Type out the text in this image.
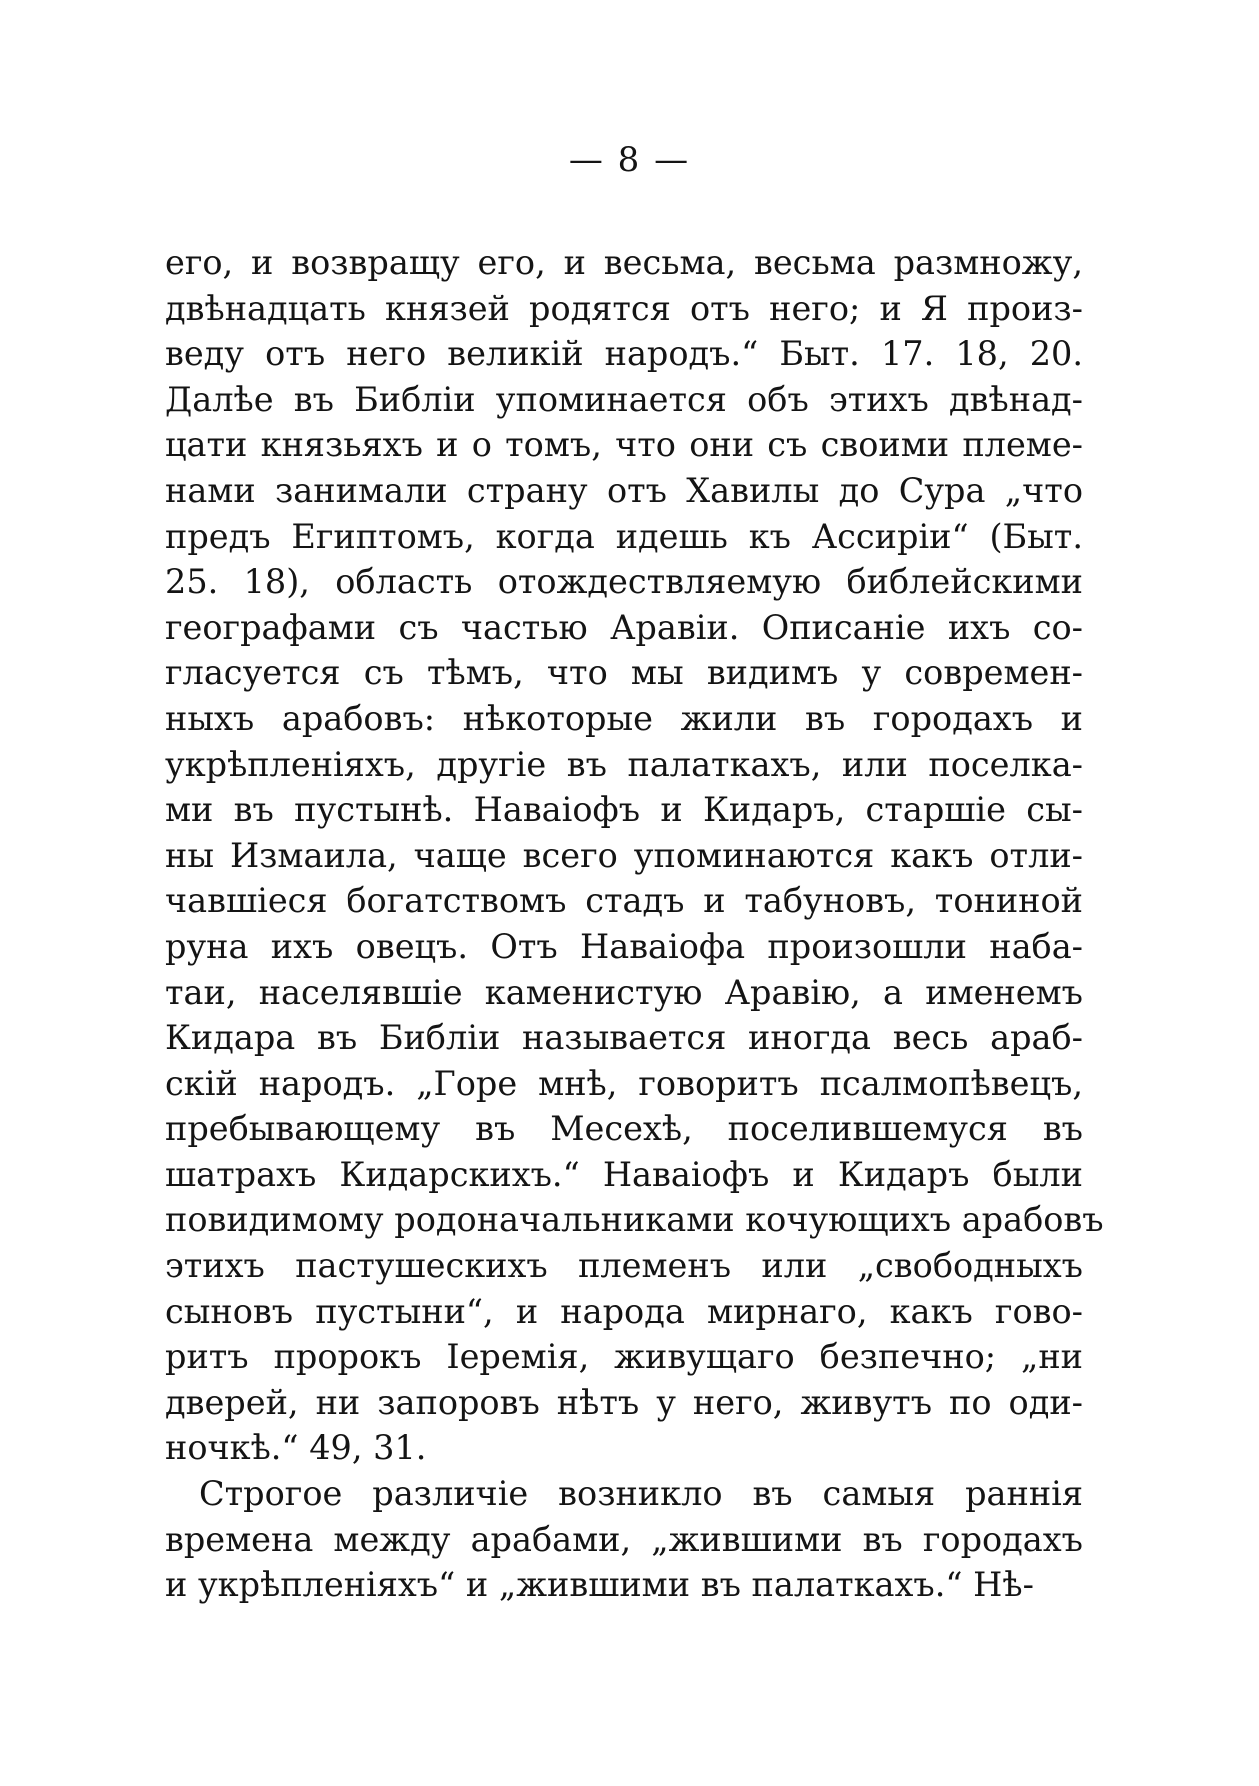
— 8 —
его, и возвращу его, и весьма, весьма размножу,
двѣнадцать князей родятся отъ него; и Я произ-
веду отъ него великій народъ.“ Быт. 17. 18, 20.
Далѣе въ Библіи упоминается объ этихъ двѣнад-
цати князьяхъ и о томъ, что они съ своими племе-
нами занимали страну отъ Хавилы до Сура „что
предъ Египтомъ, когда идешь къ Ассиріи“ (Быт.
25. 18), область отождествляемую библейскими
географами съ частью Аравіи. Описаніе ихъ со-
гласуется съ тѣмъ, что мы видимъ у современ-
ныхъ арабовъ: нѣкоторые жили въ городахъ и
укрѣпленіяхъ, другіе въ палаткахъ, или поселка-
ми въ пустынѣ. Наваіофъ и Кидаръ, старшіе сы-
ны Измаила, чаще всего упоминаются какъ отли-
чавшіеся богатствомъ стадъ и табуновъ, тониной
руна ихъ овецъ. Отъ Наваіофа произошли наба-
таи, населявшіе каменистую Аравію, а именемъ
Кидара въ Библіи называется иногда весь араб-
скій народъ. „Горе мнѣ, говоритъ псалмопѣвецъ,
пребывающему въ Месехѣ, поселившемуся въ
шатрахъ Кидарскихъ.“ Наваіофъ и Кидаръ были
повидимому родоначальниками кочующихъ арабовъ
этихъ пастушескихъ племенъ или „свободныхъ
сыновъ пустыни“, и народа мирнаго, какъ гово-
ритъ пророкъ Іеремія, живущаго безпечно; „ни
дверей, ни запоровъ нѣтъ у него, живутъ по оди-
ночкѣ.“ 49, 31.
Строгое различіе возникло въ самыя раннія
времена между арабами, „жившими въ городахъ
и укрѣпленіяхъ“ и „жившими въ палаткахъ.“ Нѣ-
